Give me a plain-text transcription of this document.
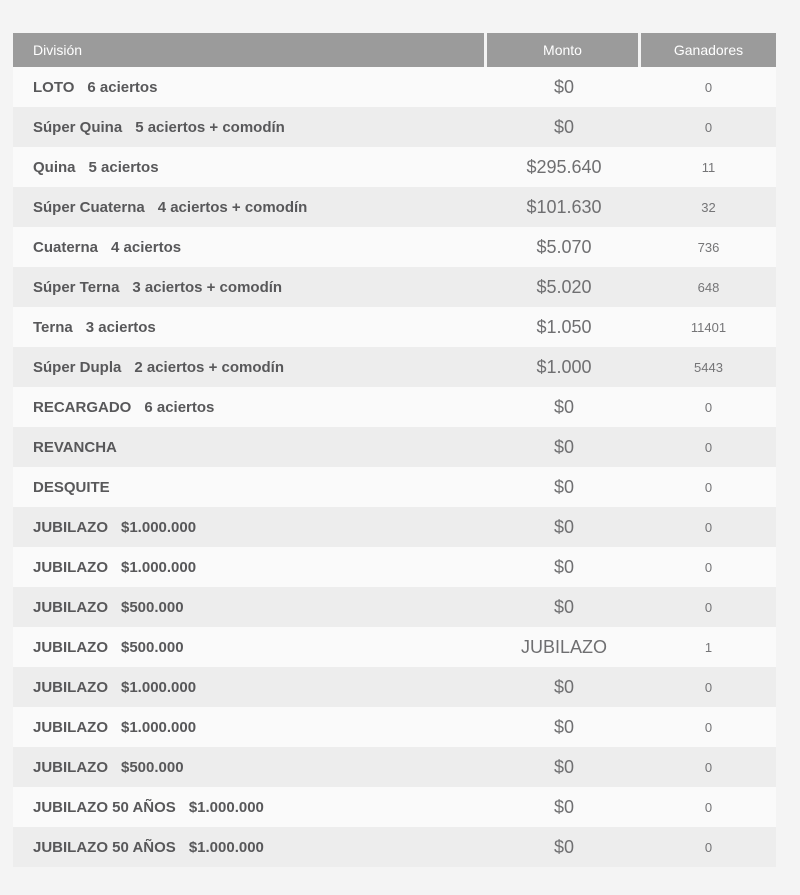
División	Monto	Ganadores
LOTO 6 aciertos	$0	0
Súper Quina 5 aciertos + comodín	$0	0
Quina 5 aciertos	$295.640	11
Súper Cuaterna 4 aciertos + comodín	$101.630	32
Cuaterna 4 aciertos	$5.070	736
Súper Terna 3 aciertos + comodín	$5.020	648
Terna 3 aciertos	$1.050	11401
Súper Dupla 2 aciertos + comodín	$1.000	5443
RECARGADO 6 aciertos	$0	0
REVANCHA	$0	0
DESQUITE	$0	0
JUBILAZO $1.000.000	$0	0
JUBILAZO $1.000.000	$0	0
JUBILAZO $500.000	$0	0
JUBILAZO $500.000	JUBILAZO	1
JUBILAZO $1.000.000	$0	0
JUBILAZO $1.000.000	$0	0
JUBILAZO $500.000	$0	0
JUBILAZO 50 AÑOS $1.000.000	$0	0
JUBILAZO 50 AÑOS $1.000.000	$0	0
